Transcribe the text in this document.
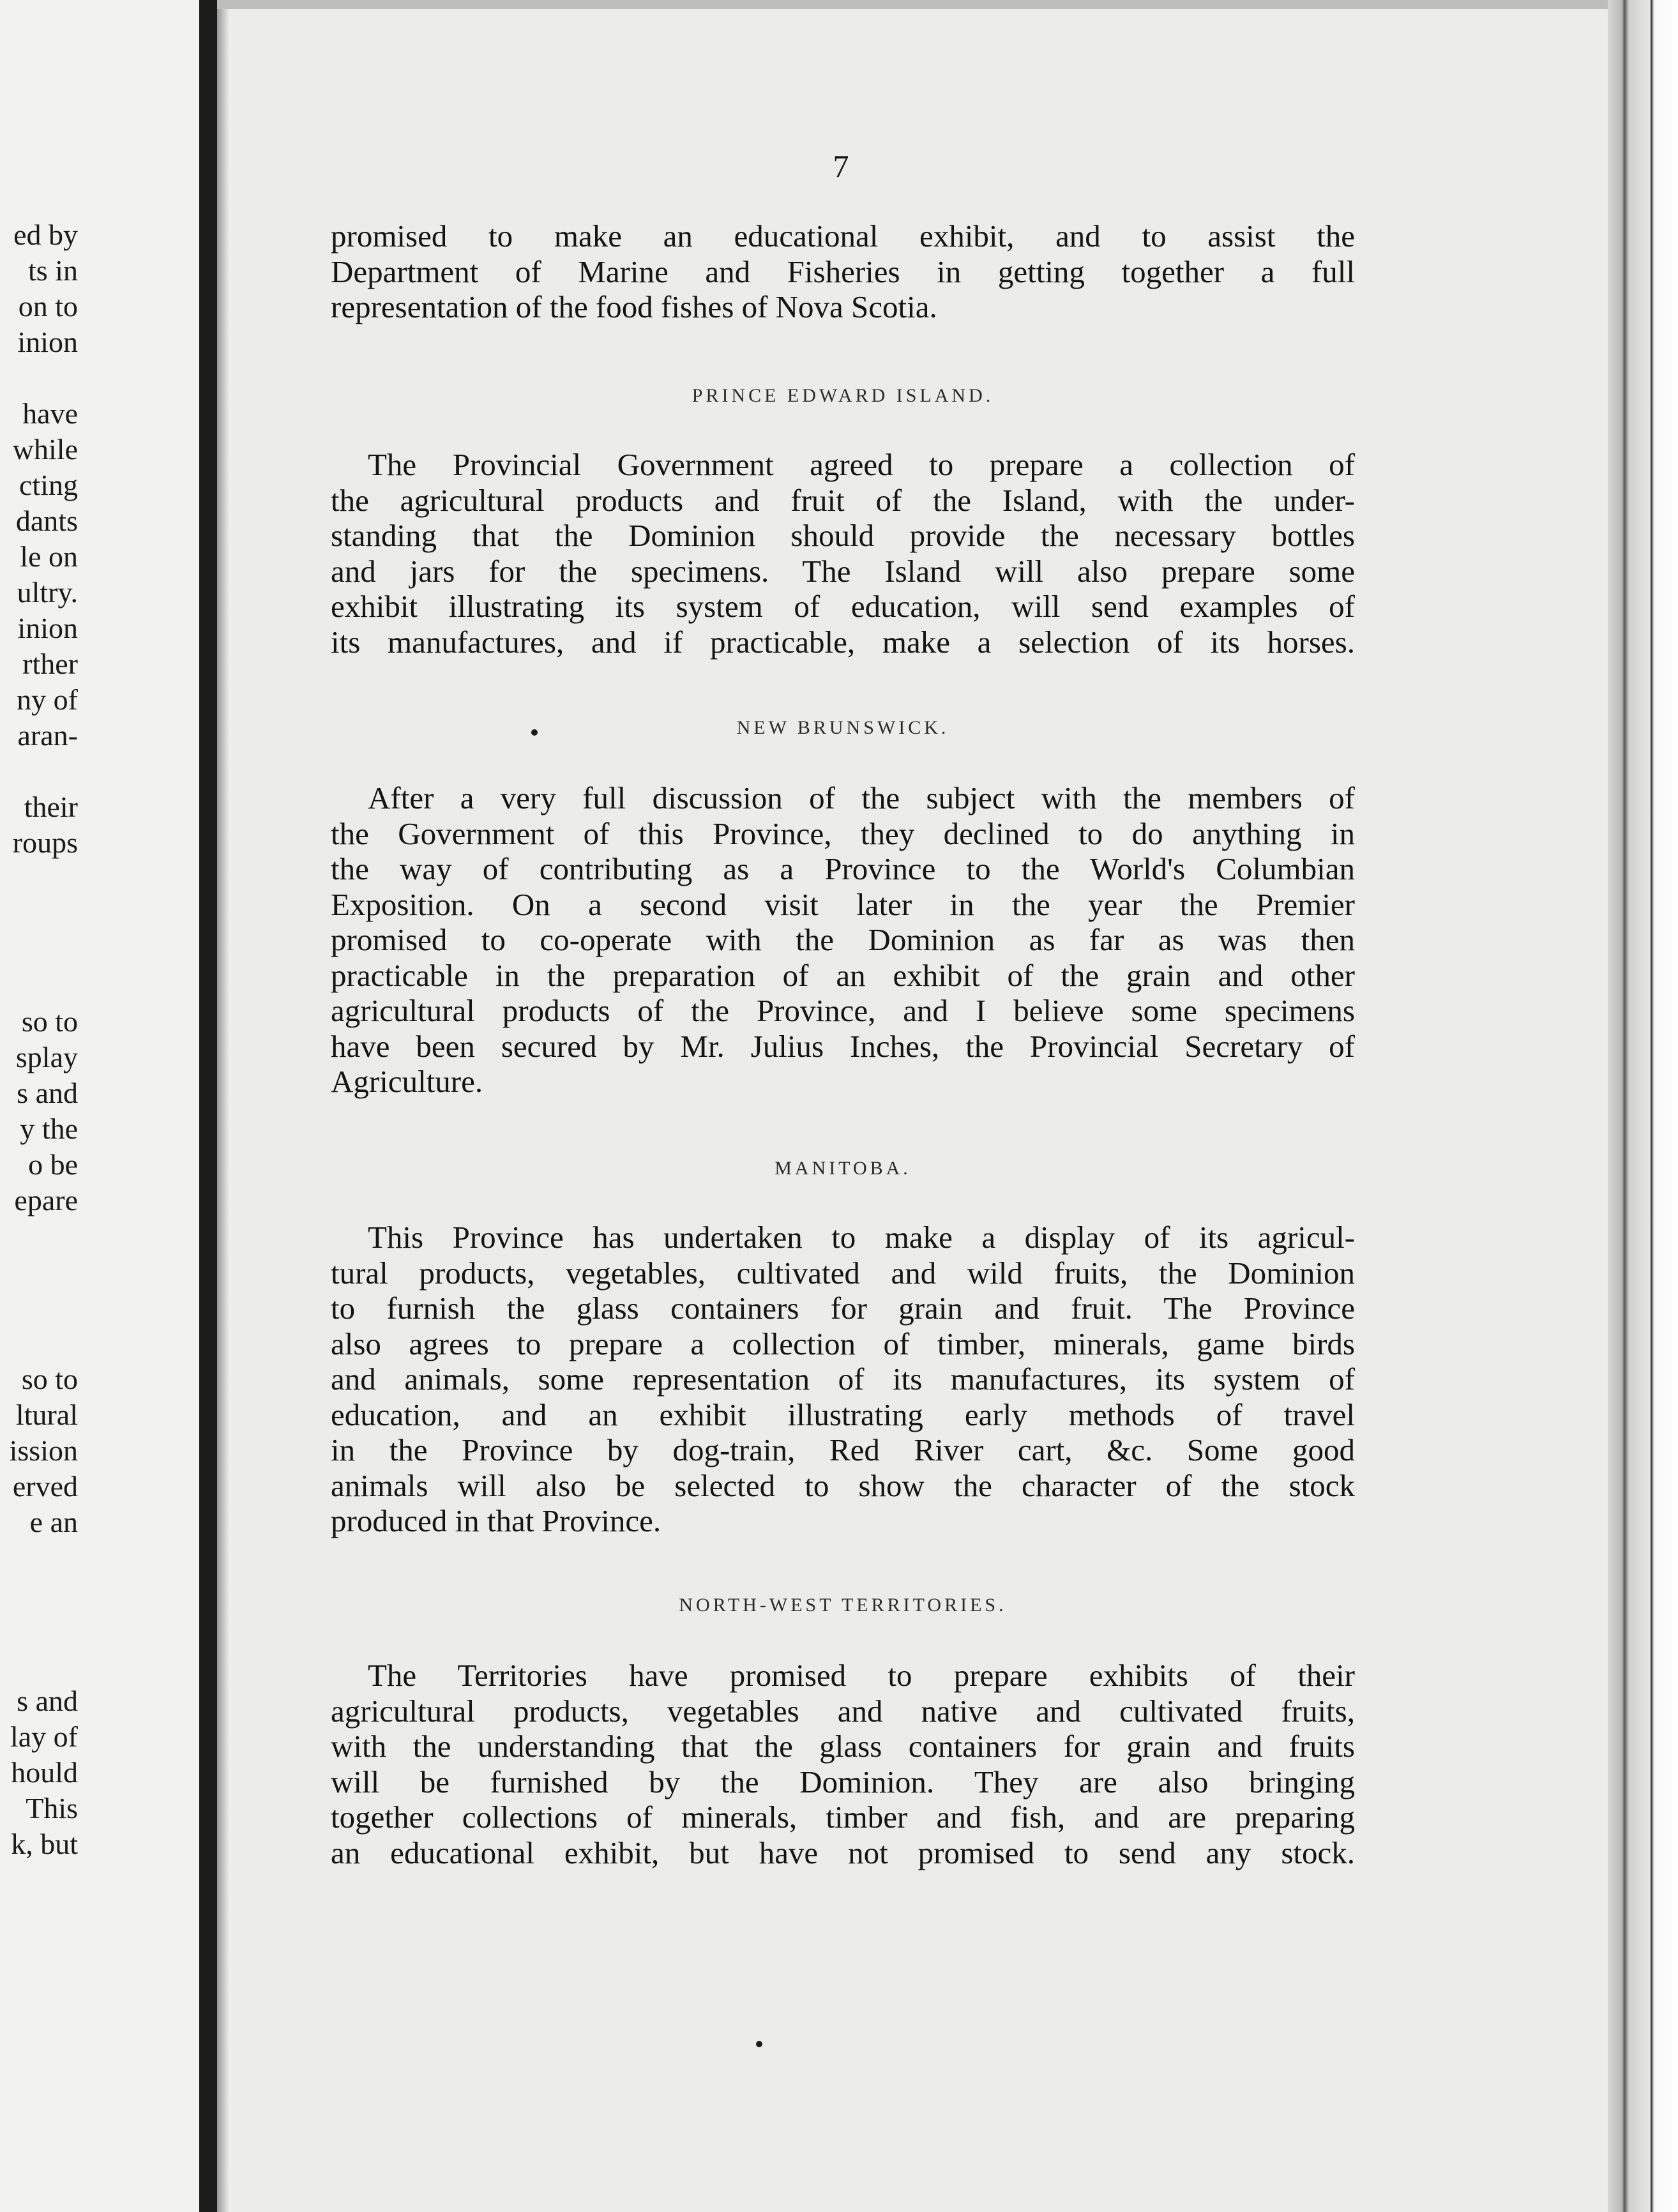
ed by
ts in
on to
inion
have
while
cting
dants
le on
ultry.
inion
rther
ny of
aran-
their
roups
so to
splay
s and
y the
o be
epare
so to
ltural
ission
erved
e an
s and
lay of
hould
This
k, but
7
promised to make an educational exhibit, and to assist the
Department of Marine and Fisheries in getting together a full
representation of the food fishes of Nova Scotia.
PRINCE EDWARD ISLAND.
The Provincial Government agreed to prepare a collection of
the agricultural products and fruit of the Island, with the under-
standing that the Dominion should provide the necessary bottles
and jars for the specimens. The Island will also prepare some
exhibit illustrating its system of education, will send examples of
its manufactures, and if practicable, make a selection of its horses.
NEW BRUNSWICK.
After a very full discussion of the subject with the members of
the Government of this Province, they declined to do anything in
the way of contributing as a Province to the World's Columbian
Exposition. On a second visit later in the year the Premier
promised to co-operate with the Dominion as far as was then
practicable in the preparation of an exhibit of the grain and other
agricultural products of the Province, and I believe some specimens
have been secured by Mr. Julius Inches, the Provincial Secretary of
Agriculture.
MANITOBA.
This Province has undertaken to make a display of its agricul-
tural products, vegetables, cultivated and wild fruits, the Dominion
to furnish the glass containers for grain and fruit. The Province
also agrees to prepare a collection of timber, minerals, game birds
and animals, some representation of its manufactures, its system of
education, and an exhibit illustrating early methods of travel
in the Province by dog-train, Red River cart, &c. Some good
animals will also be selected to show the character of the stock
produced in that Province.
NORTH-WEST TERRITORIES.
The Territories have promised to prepare exhibits of their
agricultural products, vegetables and native and cultivated fruits,
with the understanding that the glass containers for grain and fruits
will be furnished by the Dominion. They are also bringing
together collections of minerals, timber and fish, and are preparing
an educational exhibit, but have not promised to send any stock.
